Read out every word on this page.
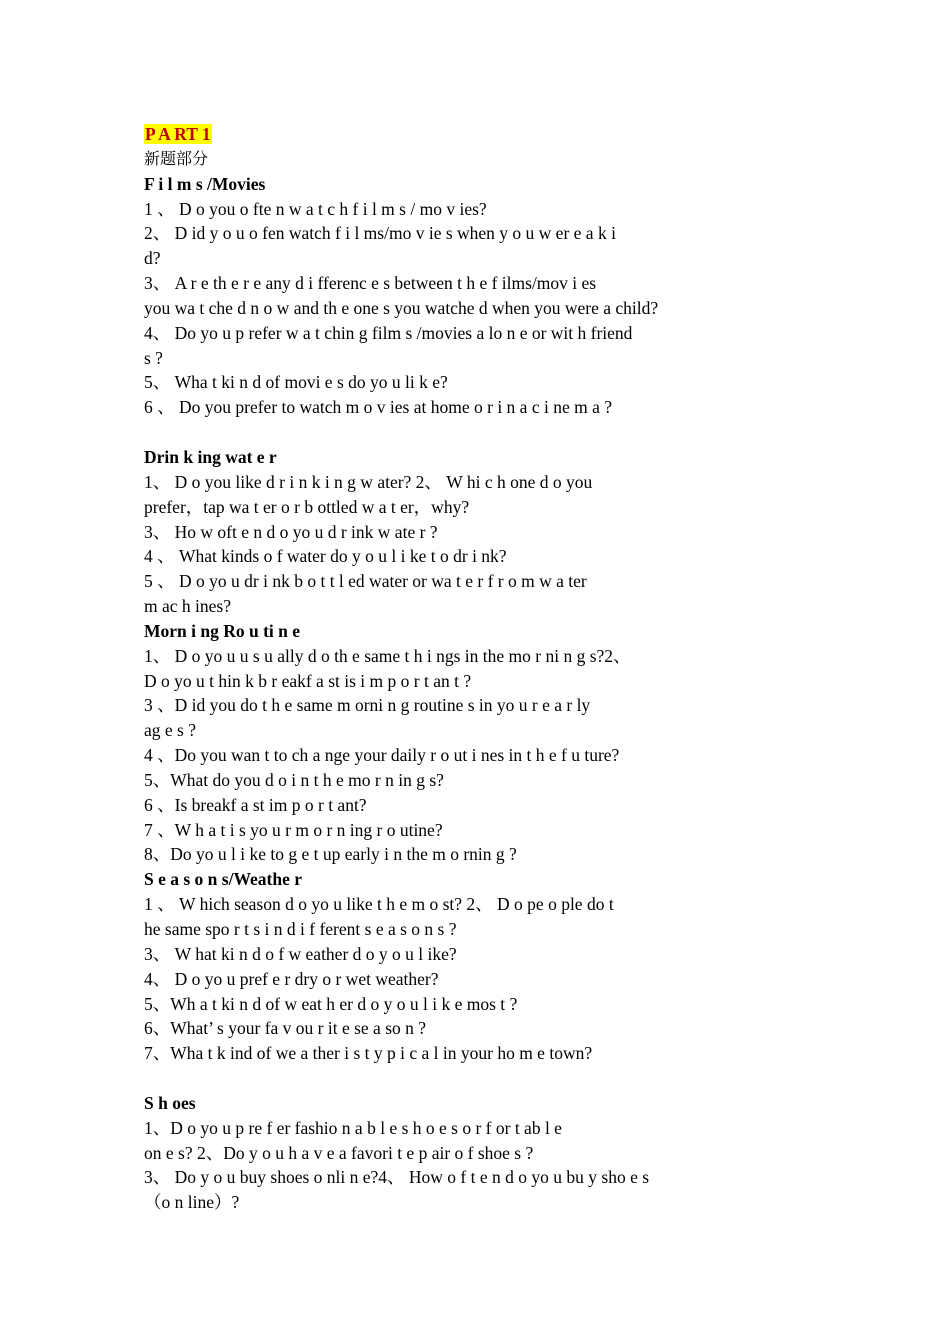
P A RT 1
新题部分
F i l m s /Movies
1 、 D o you o fte n w a t c h f i l m s / mo v ies?
2、 D id y o u o fen watch f i l ms/mo v ie s when y o u w er e a k i
d?
3、 A r e th e r e any d i fferenc e s between t h e f ilms/mov i es
you wa t che d n o w and th e one s you watche d when you were a child?
4、 Do yo u p refer w a t chin g film s /movies a lo n e or wit h friend
s ?
5、 Wha t ki n d of movi e s do yo u li k e?
6 、 Do you prefer to watch m o v ies at home o r i n a c i ne m a ?
Drin k ing wat e r
1、 D o you like d r i n k i n g w ater? 2、 W hi c h one d o you
prefer，tap wa t er o r b ottled w a t er，why?
3、 Ho w oft e n d o yo u d r ink w ate r ?
4 、 What kinds o f water do y o u l i ke t o dr i nk?
5 、 D o yo u dr i nk b o t t l ed water or wa t e r f r o m w a ter
m ac h ines?
Morn i ng Ro u ti n e
1、 D o yo u u s u ally d o th e same t h i ngs in the mo r ni n g s?2、
D o yo u t hin k b r eakf a st is i m p o r t an t ?
3 、D id you do t h e same m orni n g routine s in yo u r e a r ly
ag e s ?
4 、Do you wan t to ch a nge your daily r o ut i nes in t h e f u ture?
5、What do you d o i n t h e mo r n in g s?
6 、Is breakf a st im p o r t ant?
7 、W h a t i s yo u r m o r n ing r o utine?
8、Do yo u l i ke to g e t up early i n the m o rnin g ?
S e a s o n s/Weathe r
1 、 W hich season d o yo u like t h e m o st? 2、 D o pe o ple do t
he same spo r t s i n d i f ferent s e a s o n s ?
3、 W hat ki n d o f w eather d o y o u l ike?
4、 D o yo u pref e r dry o r wet weather?
5、Wh a t ki n d of w eat h er d o y o u l i k e mos t ?
6、What’ s your fa v ou r it e se a so n ?
7、Wha t k ind of we a ther i s t y p i c a l in your ho m e town?
S h oes
1、D o yo u p re f er fashio n a b l e s h o e s o r f or t ab l e
on e s? 2、Do y o u h a v e a favori t e p air o f shoe s ?
3、 Do y o u buy shoes o nli n e?4、 How o f t e n d o yo u bu y sho e s
（o n line）?
